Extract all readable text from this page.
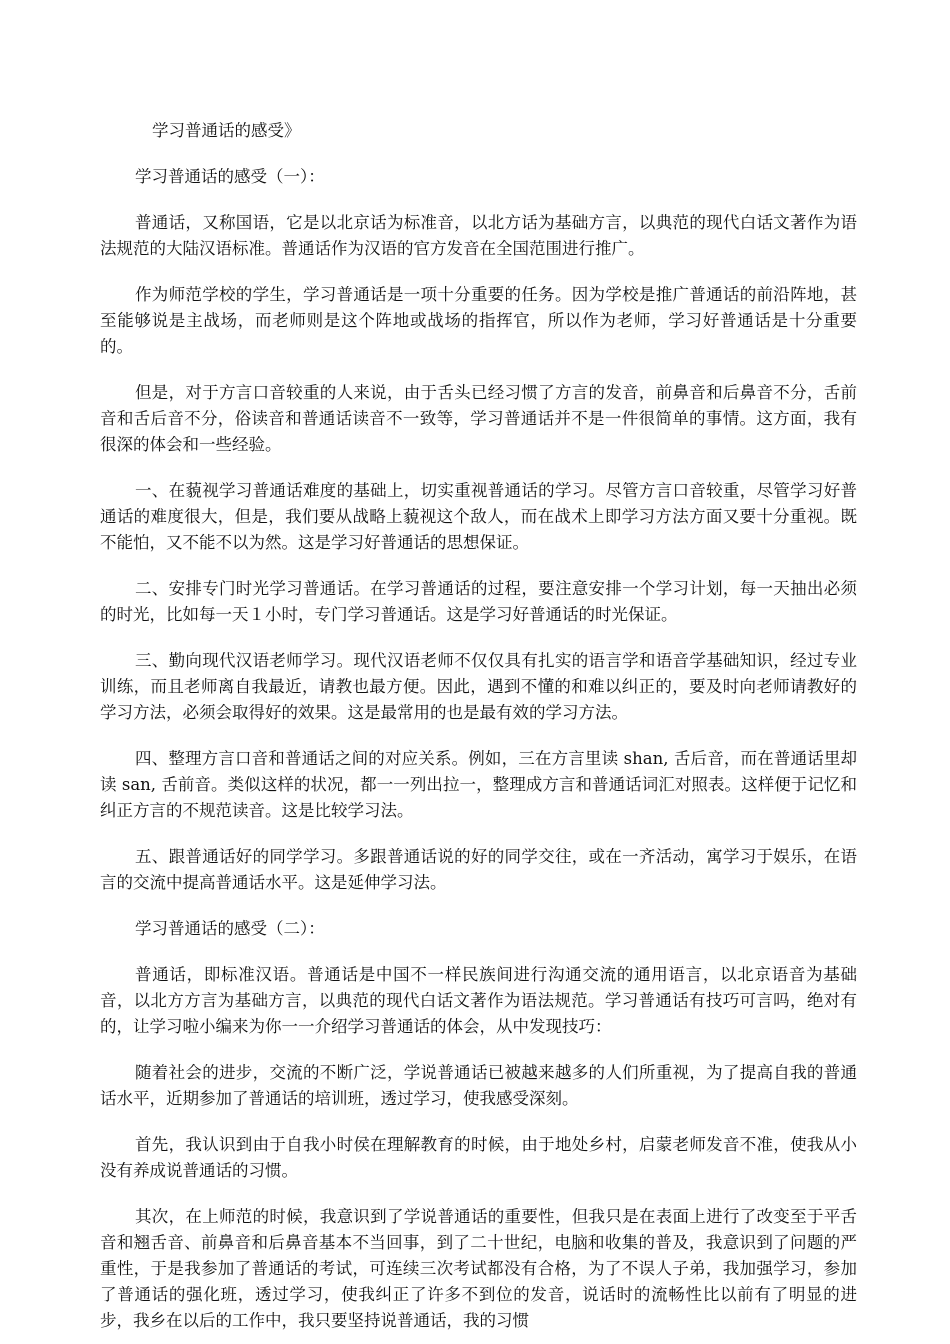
学习普通话的感受》
学习普通话的感受（一）：

普通话，又称国语，它是以北京话为标准音，以北方话为基础方言，以典范的现代白话文著作为语法规范的大陆汉语标准。普通话作为汉语的官方发音在全国范围进行推广。

作为师范学校的学生，学习普通话是一项十分重要的任务。因为学校是推广普通话的前沿阵地，甚至能够说是主战场，而老师则是这个阵地或战场的指挥官，所以作为老师，学习好普通话是十分重要的。

但是，对于方言口音较重的人来说，由于舌头已经习惯了方言的发音，前鼻音和后鼻音不分，舌前音和舌后音不分，俗读音和普通话读音不一致等，学习普通话并不是一件很简单的事情。这方面，我有很深的体会和一些经验。

一、在藐视学习普通话难度的基础上，切实重视普通话的学习。尽管方言口音较重，尽管学习好普通话的难度很大，但是，我们要从战略上藐视这个敌人，而在战术上即学习方法方面又要十分重视。既不能怕，又不能不以为然。这是学习好普通话的思想保证。

二、安排专门时光学习普通话。在学习普通话的过程，要注意安排一个学习计划，每一天抽出必须的时光，比如每一天１小时，专门学习普通话。这是学习好普通话的时光保证。

三、勤向现代汉语老师学习。现代汉语老师不仅仅具有扎实的语言学和语音学基础知识，经过专业训练，而且老师离自我最近，请教也最方便。因此，遇到不懂的和难以纠正的，要及时向老师请教好的学习方法，必须会取得好的效果。这是最常用的也是最有效的学习方法。

四、整理方言口音和普通话之间的对应关系。例如，三在方言里读 shan, 舌后音，而在普通话里却读 san, 舌前音。类似这样的状况，都一一列出拉一，整理成方言和普通话词汇对照表。这样便于记忆和纠正方言的不规范读音。这是比较学习法。

五、跟普通话好的同学学习。多跟普通话说的好的同学交往，或在一齐活动，寓学习于娱乐，在语言的交流中提高普通话水平。这是延伸学习法。

学习普通话的感受（二）：

普通话，即标准汉语。普通话是中国不一样民族间进行沟通交流的通用语言，以北京语音为基础音，以北方方言为基础方言，以典范的现代白话文著作为语法规范。学习普通话有技巧可言吗，绝对有的，让学习啦小编来为你一一介绍学习普通话的体会，从中发现技巧：

随着社会的进步，交流的不断广泛，学说普通话已被越来越多的人们所重视，为了提高自我的普通话水平，近期参加了普通话的培训班，透过学习，使我感受深刻。

首先，我认识到由于自我小时侯在理解教育的时候，由于地处乡村，启蒙老师发音不准，使我从小没有养成说普通话的习惯。

其次，在上师范的时候，我意识到了学说普通话的重要性，但我只是在表面上进行了改变至于平舌音和翘舌音、前鼻音和后鼻音基本不当回事，到了二十世纪，电脑和收集的普及，我意识到了问题的严重性，于是我参加了普通话的考试，可连续三次考试都没有合格，为了不误人子弟，我加强学习，参加了普通话的强化班，透过学习，使我纠正了许多不到位的发音，说话时的流畅性比以前有了明显的进步，我乡在以后的工作中，我只要坚持说普通话，我的习惯
